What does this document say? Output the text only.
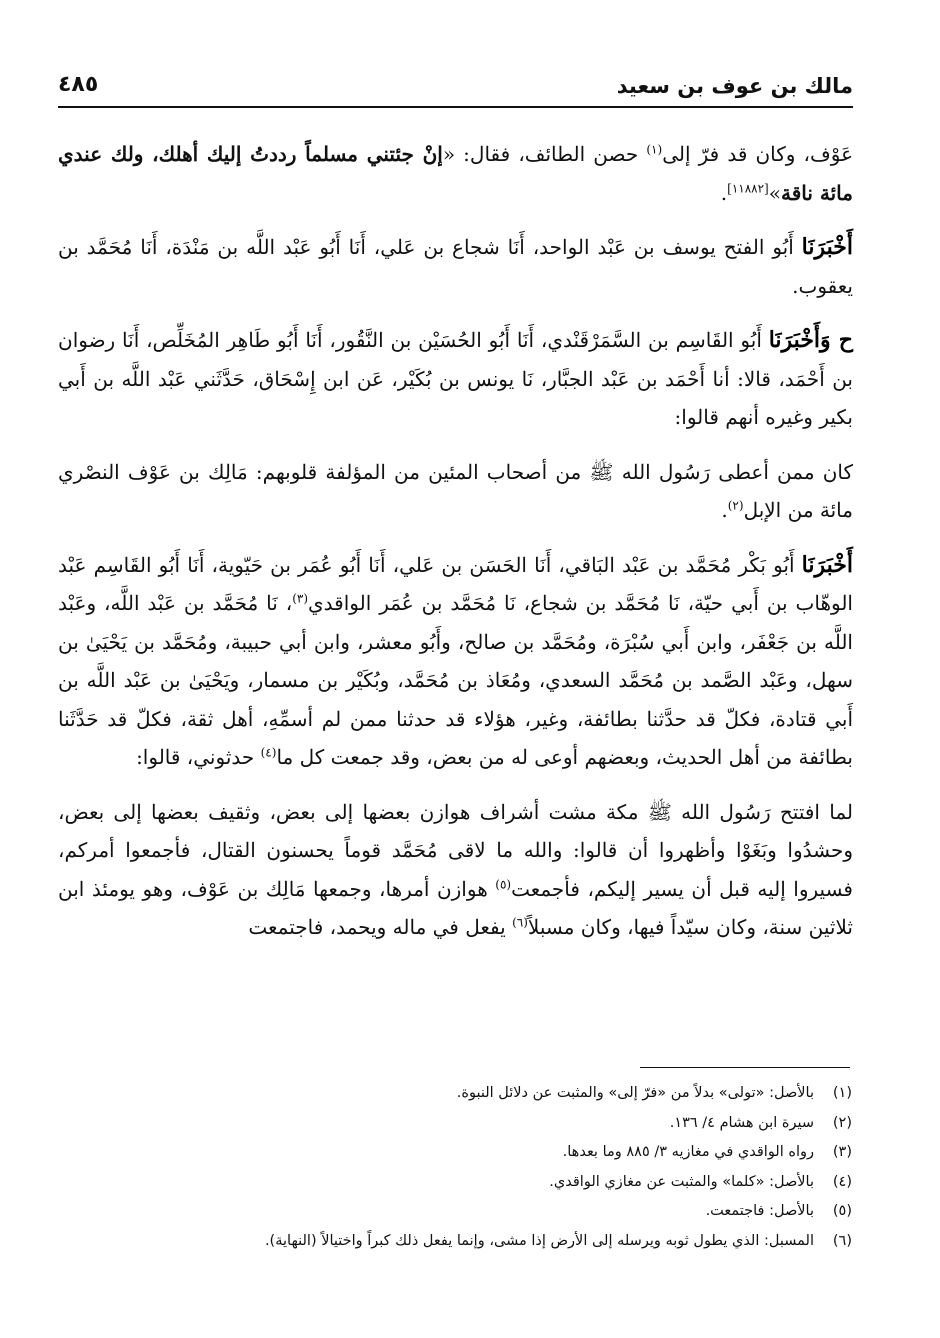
مالك بن عوف بن سعيد
٤٨٥

عَوْف، وكان قد فرّ إلى$^{(١)}$ حصن الطائف، فقال: «إنْ جئتني مسلماً رددتُ إليك أهلك، ولك عندي مائة ناقة»[١١٨٨٢].

أَخْبَرَنَا أَبُو الفتح يوسف بن عَبْد الواحد، أَنَا شجاع بن عَلي، أَنَا أَبُو عَبْد اللَّه بن مَنْدَة، أَنَا مُحَمَّد بن يعقوب.

ح وَأَخْبَرَنَا أَبُو القَاسِم بن السَّمَرْقَنْدي، أَنَا أَبُو الحُسَيْن بن النَّقُور، أَنَا أَبُو طَاهِر المُخَلِّص، أَنَا رضوان بن أَحْمَد، قالا: أنا أَحْمَد بن عَبْد الجبَّار، نَا يونس بن بُكَيْر، عَن ابن إِسْحَاق، حَدَّثَني عَبْد اللَّه بن أَبي بكير وغيره أنهم قالوا:

كان ممن أعطى رَسُول الله ﷺ من أصحاب المئين من المؤلفة قلوبهم: مَالِك بن عَوْف النصْري مائة من الإبل$^{(٢)}$.

أَخْبَرَنَا أَبُو بَكْر مُحَمَّد بن عَبْد البَاقي، أَنَا الحَسَن بن عَلي، أَنَا أَبُو عُمَر بن حَيّوية، أَنَا أَبُو القَاسِم عَبْد الوهّاب بن أَبي حيّة، نَا مُحَمَّد بن شجاع، نَا مُحَمَّد بن عُمَر الواقدي$^{(٣)}$، نَا مُحَمَّد بن عَبْد اللَّه، وعَبْد اللَّه بن جَعْفَر، وابن أَبي سُبْرَة، ومُحَمَّد بن صالح، وأَبُو معشر، وابن أبي حبيبة، ومُحَمَّد بن يَحْيَىٰ بن سهل، وعَبْد الصَّمد بن مُحَمَّد السعدي، ومُعَاذ بن مُحَمَّد، وبُكَيْر بن مسمار، ويَحْيَىٰ بن عَبْد اللَّه بن أَبي قتادة، فكلّ قد حدَّثنا بطائفة، وغير، هؤلاء قد حدثنا ممن لم أسمِّهِ، أهل ثقة، فكلّ قد حَدَّثَنا بطائفة من أهل الحديث، وبعضهم أوعى له من بعض، وقد جمعت كل ما$^{(٤)}$ حدثوني، قالوا:

لما افتتح رَسُول الله ﷺ مكة مشت أشراف هوازن بعضها إلى بعض، وثقيف بعضها إلى بعض، وحشدُوا وبَغَوْا وأظهروا أن قالوا: والله ما لاقى مُحَمَّد قوماً يحسنون القتال، فأجمعوا أمركم، فسيروا إليه قبل أن يسير إليكم، فأجمعت$^{(٥)}$ هوازن أمرها، وجمعها مَالِك بن عَوْف، وهو يومئذ ابن ثلاثين سنة، وكان سيّداً فيها، وكان مسبلاً$^{(٦)}$ يفعل في ماله ويحمد، فاجتمعت

(١)
بالأصل: «تولى» بدلاً من «فرّ إلى» والمثبت عن دلائل النبوة.
(٢)
سيرة ابن هشام ٤/ ١٣٦.
(٣)
رواه الواقدي في مغازيه ٣/ ٨٨٥ وما بعدها.
(٤)
بالأصل: «كلما» والمثبت عن مغازي الواقدي.
(٥)
بالأصل: فاجتمعت.
(٦)
المسبل: الذي يطول ثوبه ويرسله إلى الأرض إذا مشى، وإنما يفعل ذلك كبراً واختيالاً (النهاية).
